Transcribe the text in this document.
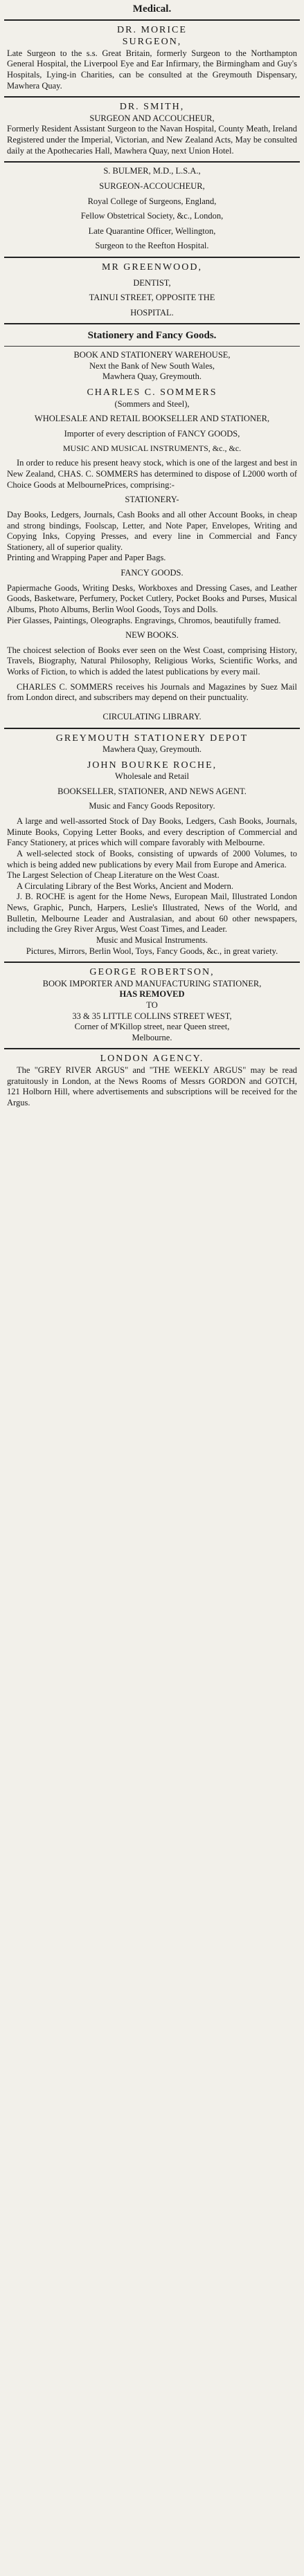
Medical.

DR. MORICE

SURGEON,

Late Surgeon to the s.s. Great Britain, formerly Surgeon to the Northampton General Hospital, the Liverpool Eye and Ear Infirmary, the Birmingham and Guy's Hospitals, Lying-in Charities, can be consulted at the Greymouth Dispensary, Mawhera Quay.

DR. SMITH,

SURGEON AND ACCOUCHEUR,

Formerly Resident Assistant Surgeon to the Navan Hospital, County Meath, Ireland Registered under the Imperial, Victorian, and New Zealand Acts, May be consulted daily at the Apothecaries Hall, Mawhera Quay, next Union Hotel.

S. BULMER, M.D., L.S.A.,

SURGEON-ACCOUCHEUR,

Royal College of Surgeons, England,

Fellow Obstetrical Society, &c., London,

Late Quarantine Officer, Wellington,

Surgeon to the Reefton Hospital.

MR GREENWOOD,

DENTIST,

TAINUI STREET, OPPOSITE THE

HOSPITAL.

Stationery and Fancy Goods.

BOOK AND STATIONERY WAREHOUSE,

Next the Bank of New South Wales,

Mawhera Quay, Greymouth.

CHARLES C. SOMMERS

(Sommers and Steel),

WHOLESALE AND RETAIL BOOKSELLER AND STATIONER,

Importer of every description of FANCY GOODS,

MUSIC AND MUSICAL INSTRUMENTS, &c., &c.

In order to reduce his present heavy stock, which is one of the largest and best in New Zealand, CHAS. C. SOMMERS has determined to dispose of L2000 worth of Choice Goods at MelbournePrices, comprising:-

STATIONERY-

Day Books, Ledgers, Journals, Cash Books and all other Account Books, in cheap and strong bindings, Foolscap, Letter, and Note Paper, Envelopes, Writing and Copying Inks, Copying Presses, and every line in Commercial and Fancy Stationery, all of superior quality.

Printing and Wrapping Paper and Paper Bags.

FANCY GOODS.

Papiermache Goods, Writing Desks, Workboxes and Dressing Cases, and Leather Goods, Basketware, Perfumery, Pocket Cutlery, Pocket Books and Purses, Musical Albums, Photo Albums, Berlin Wool Goods, Toys and Dolls.

Pier Glasses, Paintings, Oleographs. Engravings, Chromos, beautifully framed.

NEW BOOKS.

The choicest selection of Books ever seen on the West Coast, comprising History, Travels, Biography, Natural Philosophy, Religious Works, Scientific Works, and Works of Fiction, to which is added the latest publications by every mail.

CHARLES C. SOMMERS receives his Journals and Magazines by Suez Mail from London direct, and subscribers may depend on their punctuality.

CIRCULATING LIBRARY.

GREYMOUTH STATIONERY DEPOT

Mawhera Quay, Greymouth.

JOHN BOURKE ROCHE,

Wholesale and Retail

BOOKSELLER, STATIONER, AND NEWS AGENT.

Music and Fancy Goods Repository.

A large and well-assorted Stock of Day Books, Ledgers, Cash Books, Journals, Minute Books, Copying Letter Books, and every description of Commercial and Fancy Stationery, at prices which will compare favorably with Melbourne.

A well-selected stock of Books, consisting of upwards of 2000 Volumes, to which is being added new publications by every Mail from Europe and America.

The Largest Selection of Cheap Literature on the West Coast.

A Circulating Library of the Best Works, Ancient and Modern.

J. B. ROCHE is agent for the Home News, European Mail, Illustrated London News, Graphic, Punch, Harpers, Leslie's Illustrated, News of the World, and Bulletin, Melbourne Leader and Australasian, and about 60 other newspapers, including the Grey River Argus, West Coast Times, and Leader.

Music and Musical Instruments.

Pictures, Mirrors, Berlin Wool, Toys, Fancy Goods, &c., in great variety.

GEORGE ROBERTSON,

BOOK IMPORTER AND MANUFACTURING STATIONER,

HAS REMOVED

TO

33 & 35 LITTLE COLLINS STREET WEST,

Corner of M'Killop street, near Queen street,

Melbourne.

LONDON AGENCY.

The "GREY RIVER ARGUS" and "THE WEEKLY ARGUS" may be read gratuitously in London, at the News Rooms of Messrs GORDON and GOTCH, 121 Holborn Hill, where advertisements and subscriptions will be received for the Argus.
